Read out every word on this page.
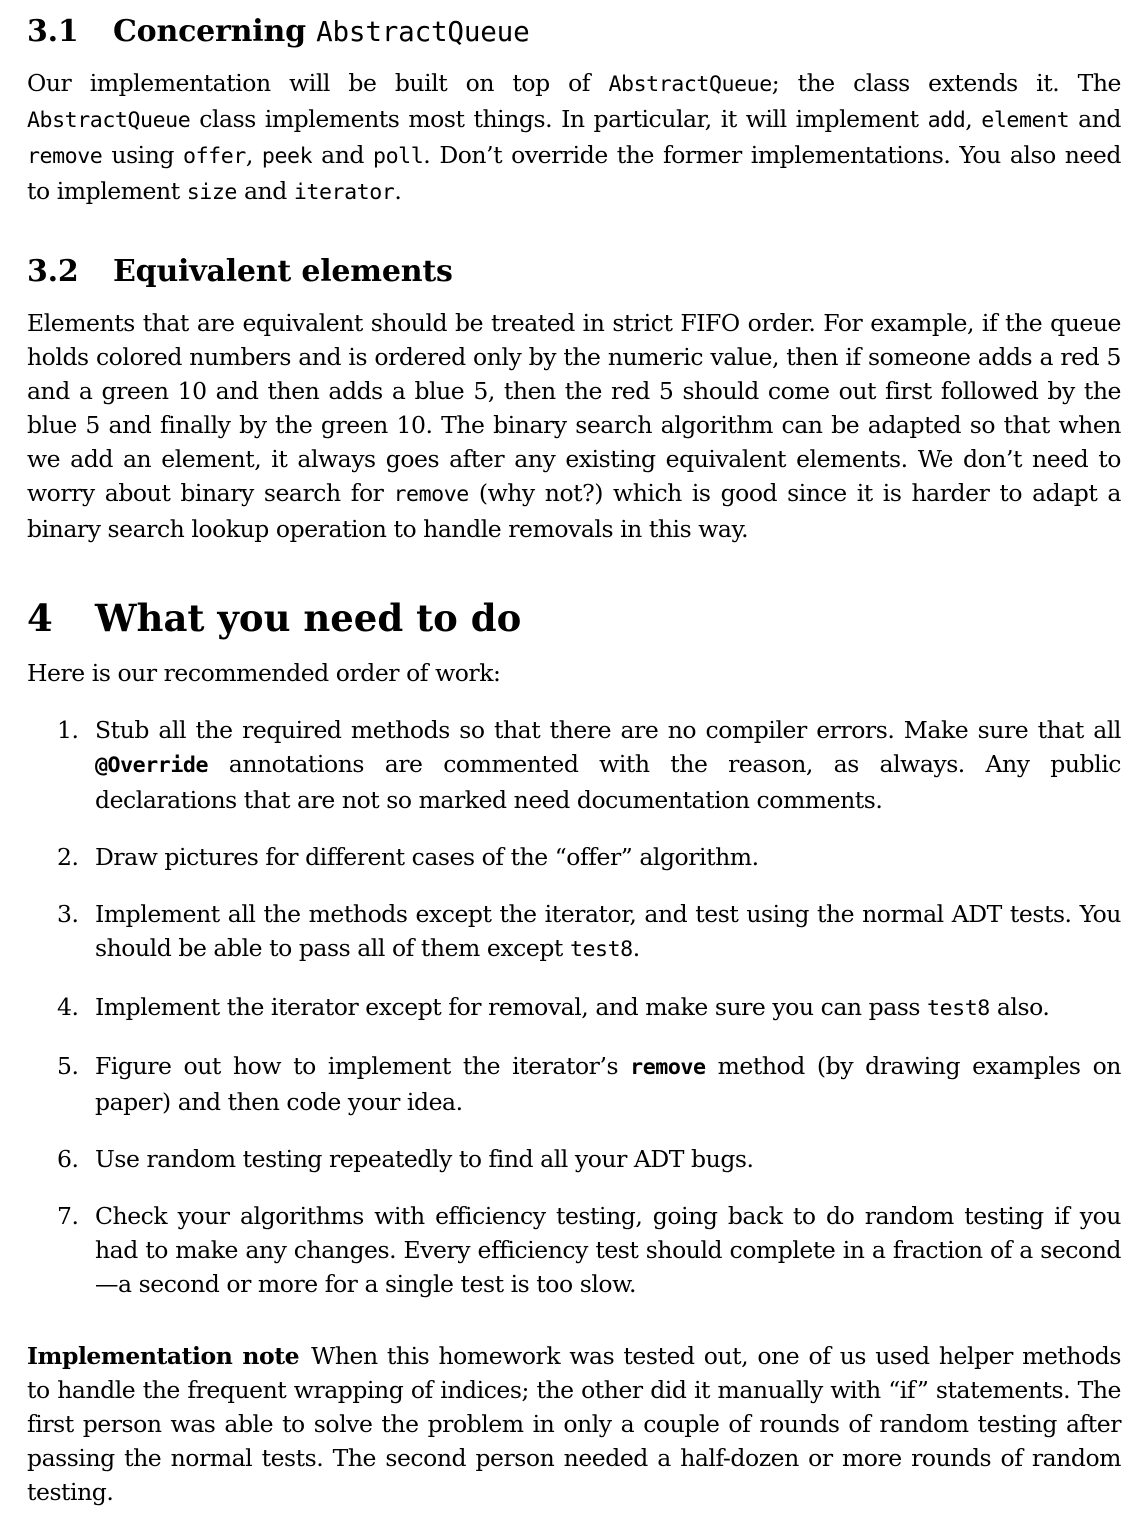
3.1 Concerning AbstractQueue

Our implementation will be built on top of AbstractQueue; the class extends it. The AbstractQueue class implements most things. In particular, it will implement add, element and remove using offer, peek and poll. Don’t override the former implementations. You also need to implement size and iterator.

3.2 Equivalent elements

Elements that are equivalent should be treated in strict FIFO order. For example, if the queue holds colored numbers and is ordered only by the numeric value, then if someone adds a red 5 and a green 10 and then adds a blue 5, then the red 5 should come out first followed by the blue 5 and finally by the green 10. The binary search algorithm can be adapted so that when we add an element, it always goes after any existing equivalent elements. We don’t need to worry about binary search for remove (why not?) which is good since it is harder to adapt a binary search lookup operation to handle removals in this way.

4 What you need to do

Here is our recommended order of work:

1. Stub all the required methods so that there are no compiler errors. Make sure that all @Override annotations are commented with the reason, as always. Any public declarations that are not so marked need documentation comments.
2. Draw pictures for different cases of the “offer” algorithm.
3. Implement all the methods except the iterator, and test using the normal ADT tests. You should be able to pass all of them except test8.
4. Implement the iterator except for removal, and make sure you can pass test8 also.
5. Figure out how to implement the iterator’s remove method (by drawing examples on paper) and then code your idea.
6. Use random testing repeatedly to find all your ADT bugs.
7. Check your algorithms with efficiency testing, going back to do random testing if you had to make any changes. Every efficiency test should complete in a fraction of a second—a second or more for a single test is too slow.

Implementation note When this homework was tested out, one of us used helper methods to handle the frequent wrapping of indices; the other did it manually with “if” statements. The first person was able to solve the problem in only a couple of rounds of random testing after passing the normal tests. The second person needed a half-dozen or more rounds of random testing.
